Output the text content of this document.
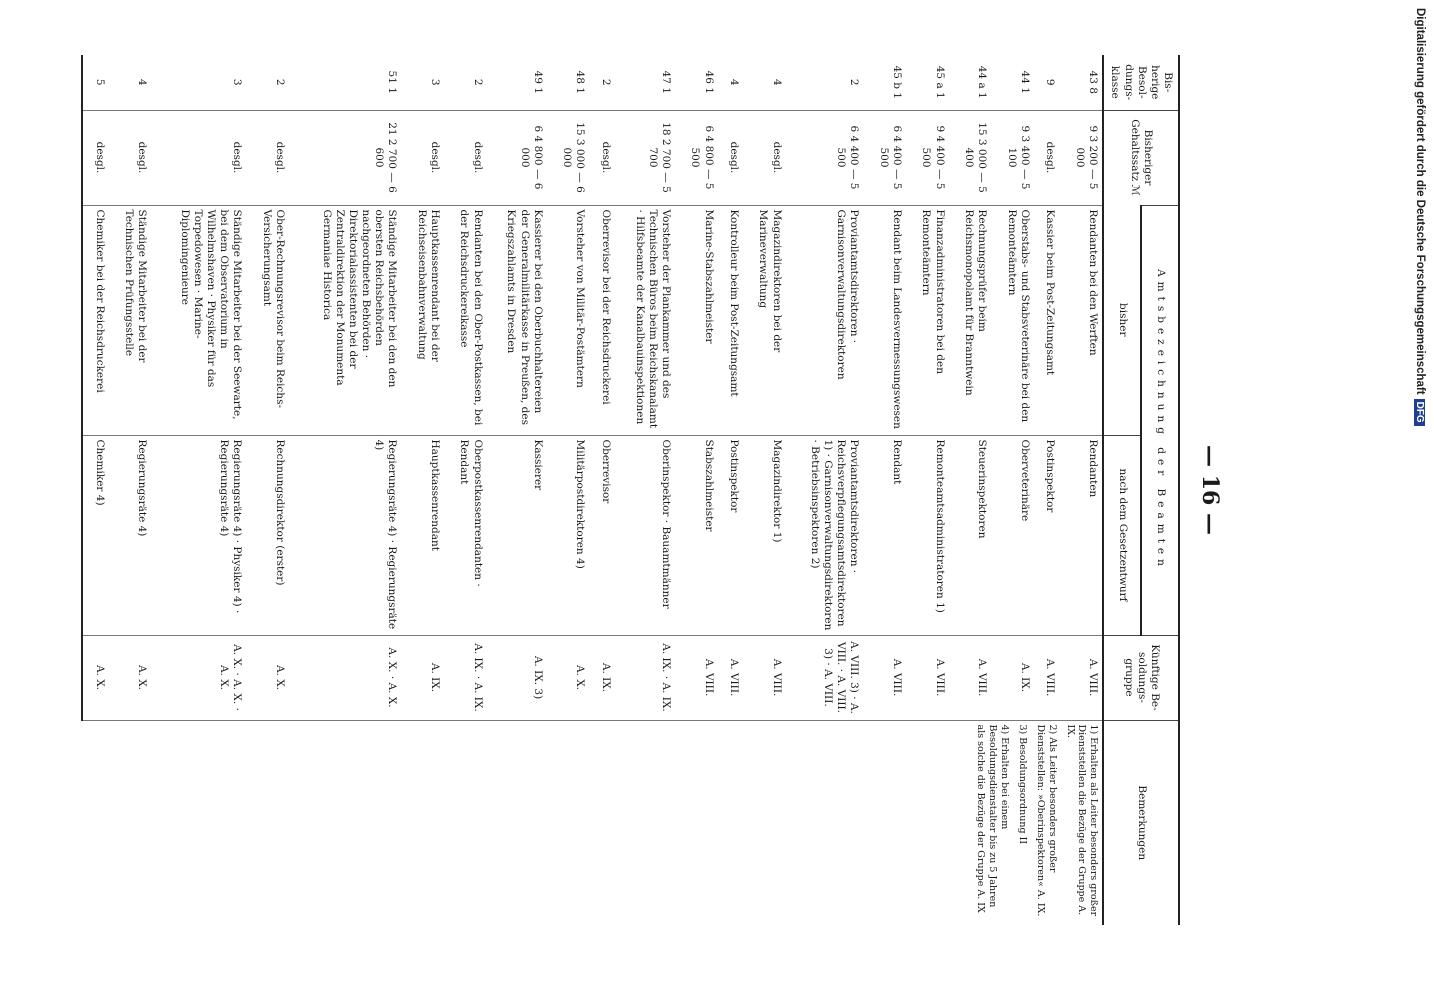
— 16 —
Bis-herige Besol-dungs-klasse	Bisheriger Gehaltssatz ℳ	Amtsbezeichnung der Beamten		Künftige Be-soldungs-gruppe	Bemerkungen
		bisher	nach dem Gesetzentwurf		
43 8	9 3 200 — 5 000	Rendanten bei den Werften	Rendanten	A. VIII.	1) Erhalten als Leiter besonders großer Dienststellen die Bezüge der Gruppe A. IX.
2) Als Leiter besonders großer Dienststellen: »Oberinspektoren« A. IX.
3) Besoldungsordnung II
4) Erhalten bei einem Besoldungsdienstalter bis zu 5 Jahren als solche die Bezüge der Gruppe A. IX

9	desgl.	Kassier beim Post-Zeitungsamt	Postinspektor	A. VIII.	
44 1	9 3 400 — 5 100	Oberstabs- und Stabsveterinäre bei den Remonteämtern	Oberveterinäre	A. IX.	
44 a 1	15 3 000 — 5 400	Rechnungsprüfer beim Reichsmonopolamt für Branntwein	Steuerinspektoren	A. VIII.	
45 a 1	9 4 400 — 5 500	Finanzadministratoren bei den Remonteämtern	Remonteamtsadministratoren 1)	A. VIII.	
45 b 1	6 4 400 — 5 500	Rendant beim Landesvermessungswesen	Rendant	A. VIII.	
2	6 4 400 — 5 500	Proviantamtsdirektoren · Garnisonverwaltungsdirektoren	Proviantamtsdirektoren · Reichsverpflegungsamtsdirektoren 1) · Garnisonverwaltungsdirektoren · Betriebsinspektoren 2)	A. VIII. 3) · A. VIII. · A. VIII. 3) · A. VIII.	
4	desgl.	Magazindirektoren bei der Marineverwaltung	Magazindirektor 1)	A. VIII.	
4	desgl.	Kontrolleur beim Post-Zeitungsamt	Postinspektor	A. VIII.	
46 1	6 4 800 — 5 500	Marine-Stabszahlmeister	Stabszahlmeister	A. VIII.	
47 1	18 2 700 — 5 700	Vorsteher der Plankammer und des Technischen Büros beim Reichskanalamt · Hilfsbeamte der Kanalbauinspektionen	Oberinspektor · Bauamtmänner	A. IX. · A. IX.	
2	desgl.	Oberrevisor bei der Reichsdruckerei	Oberrevisor	A. IX.	
48 1	15 3 000 — 6 000	Vorsteher von Militär-Postämtern	Militärpostdirektoren 4)	A. X.	
49 1	6 4 800 — 6 000	Kassierer bei den Oberbuchhaltereien der Generalmilitärkasse in Preußen, des Kriegszahlamts in Dresden	Kassierer	A. IX. 3)	
2	desgl.	Rendanten bei den Ober-Postkassen, bei der Reichsdruckereikasse	Oberpostkassenrendanten · Rendant	A. IX. · A. IX.	
3	desgl.	Hauptkassenrendant bei der Reichseisenbahnverwaltung	Hauptkassenrendant	A. IX.	
51 1	21 2 700 — 6 600	Ständige Mitarbeiter bei den den obersten Reichsbehörden nachgeordneten Behörden · Direktorialassistenten bei der Zentraldirektion der Monumenta Germaniae Historica	Regierungsräte 4) · Regierungsräte 4)	A. X. · A. X.	
2	desgl.	Ober-Rechnungsrevisor beim Reichs-Versicherungsamt	Rechnungsdirektor (erster)	A. X.	
3	desgl.	Ständige Mitarbeiter bei der Seewarte, bei dem Observatorium in Wilhelmshaven · Physiker für das Torpedowesen · Marine-Diplomingenieure	Regierungsräte 4) · Physiker 4) · Regierungsräte 4)	A. X. · A. X. · A. X.	
4	desgl.	Ständige Mitarbeiter bei der Technischen Prüfungsstelle	Regierungsräte 4)	A. X.	
5	desgl.	Chemiker bei der Reichsdruckerei	Chemiker 4)	A. X.	
Digitalisierung gefördert durch die Deutsche ForschungsgemeinschaftDFG
